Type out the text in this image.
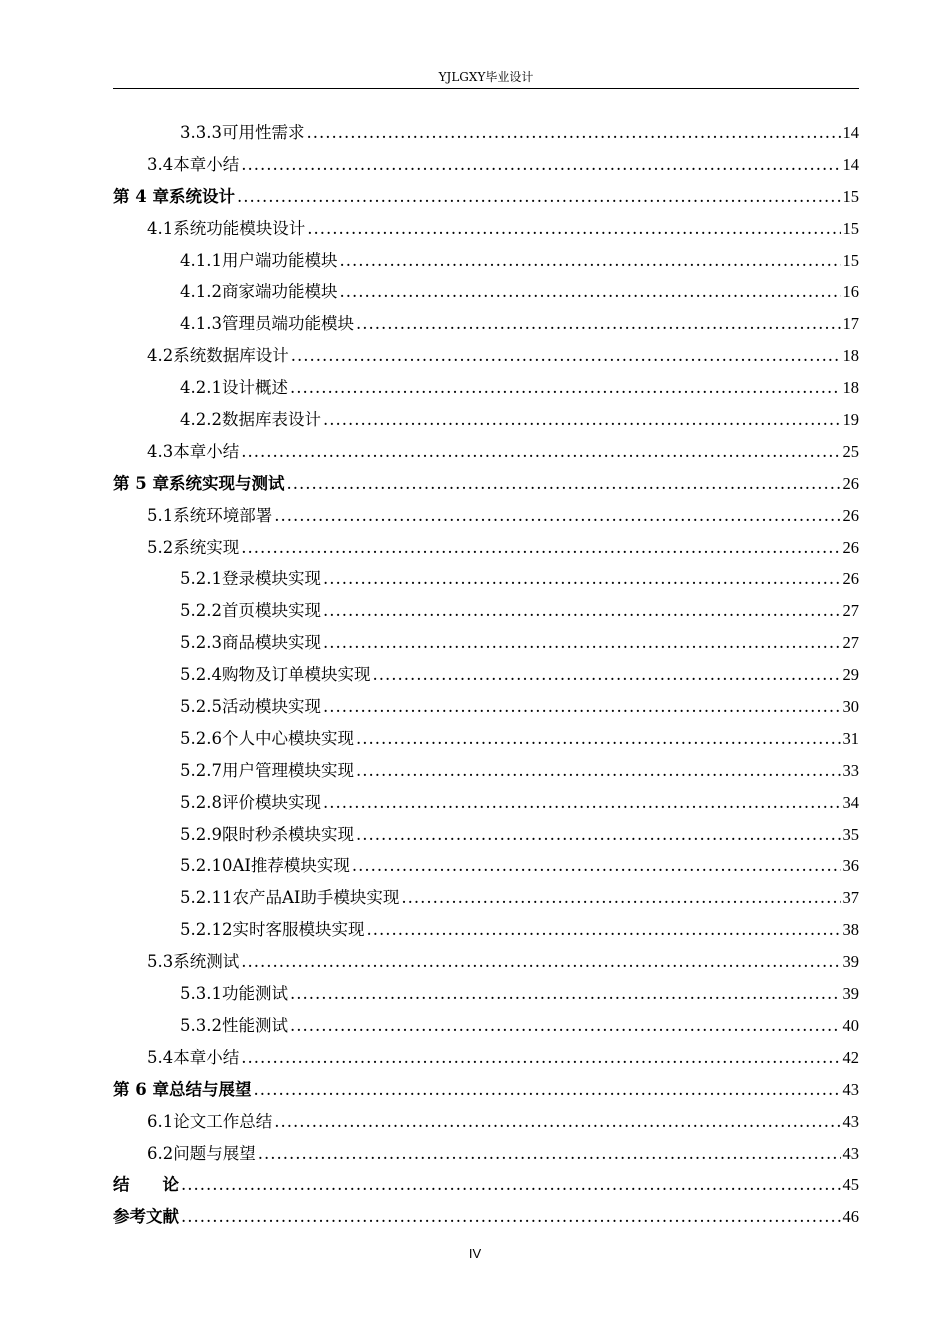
YJLGXY毕业设计
3.3.3 可用性需求 .....	14
3.4 本章小结 .....	14
第 4 章 系统设计 .....	15
4.1 系统功能模块设计 .....	15
4.1.1 用户端功能模块 .....	15
4.1.2 商家端功能模块 .....	16
4.1.3 管理员端功能模块 .....	17
4.2 系统数据库设计 .....	18
4.2.1 设计概述 .....	18
4.2.2 数据库表设计 .....	19
4.3 本章小结 .....	25
第 5 章 系统实现与测试 .....	26
5.1 系统环境部署 .....	26
5.2 系统实现 .....	26
5.2.1 登录模块实现 .....	26
5.2.2 首页模块实现 .....	27
5.2.3 商品模块实现 .....	27
5.2.4 购物及订单模块实现 .....	29
5.2.5 活动模块实现 .....	30
5.2.6 个人中心模块实现 .....	31
5.2.7 用户管理模块实现 .....	33
5.2.8 评价模块实现 .....	34
5.2.9 限时秒杀模块实现 .....	35
5.2.10 AI推荐模块实现 .....	36
5.2.11 农产品AI助手模块实现 .....	37
5.2.12 实时客服模块实现 .....	38
5.3 系统测试 .....	39
5.3.1 功能测试 .....	39
5.3.2 性能测试 .....	40
5.4 本章小结 .....	42
第 6 章 总结与展望 .....	43
6.1 论文工作总结 .....	43
6.2 问题与展望 .....	43
结　　论 .....	45
参考文献 .....	46
IV
